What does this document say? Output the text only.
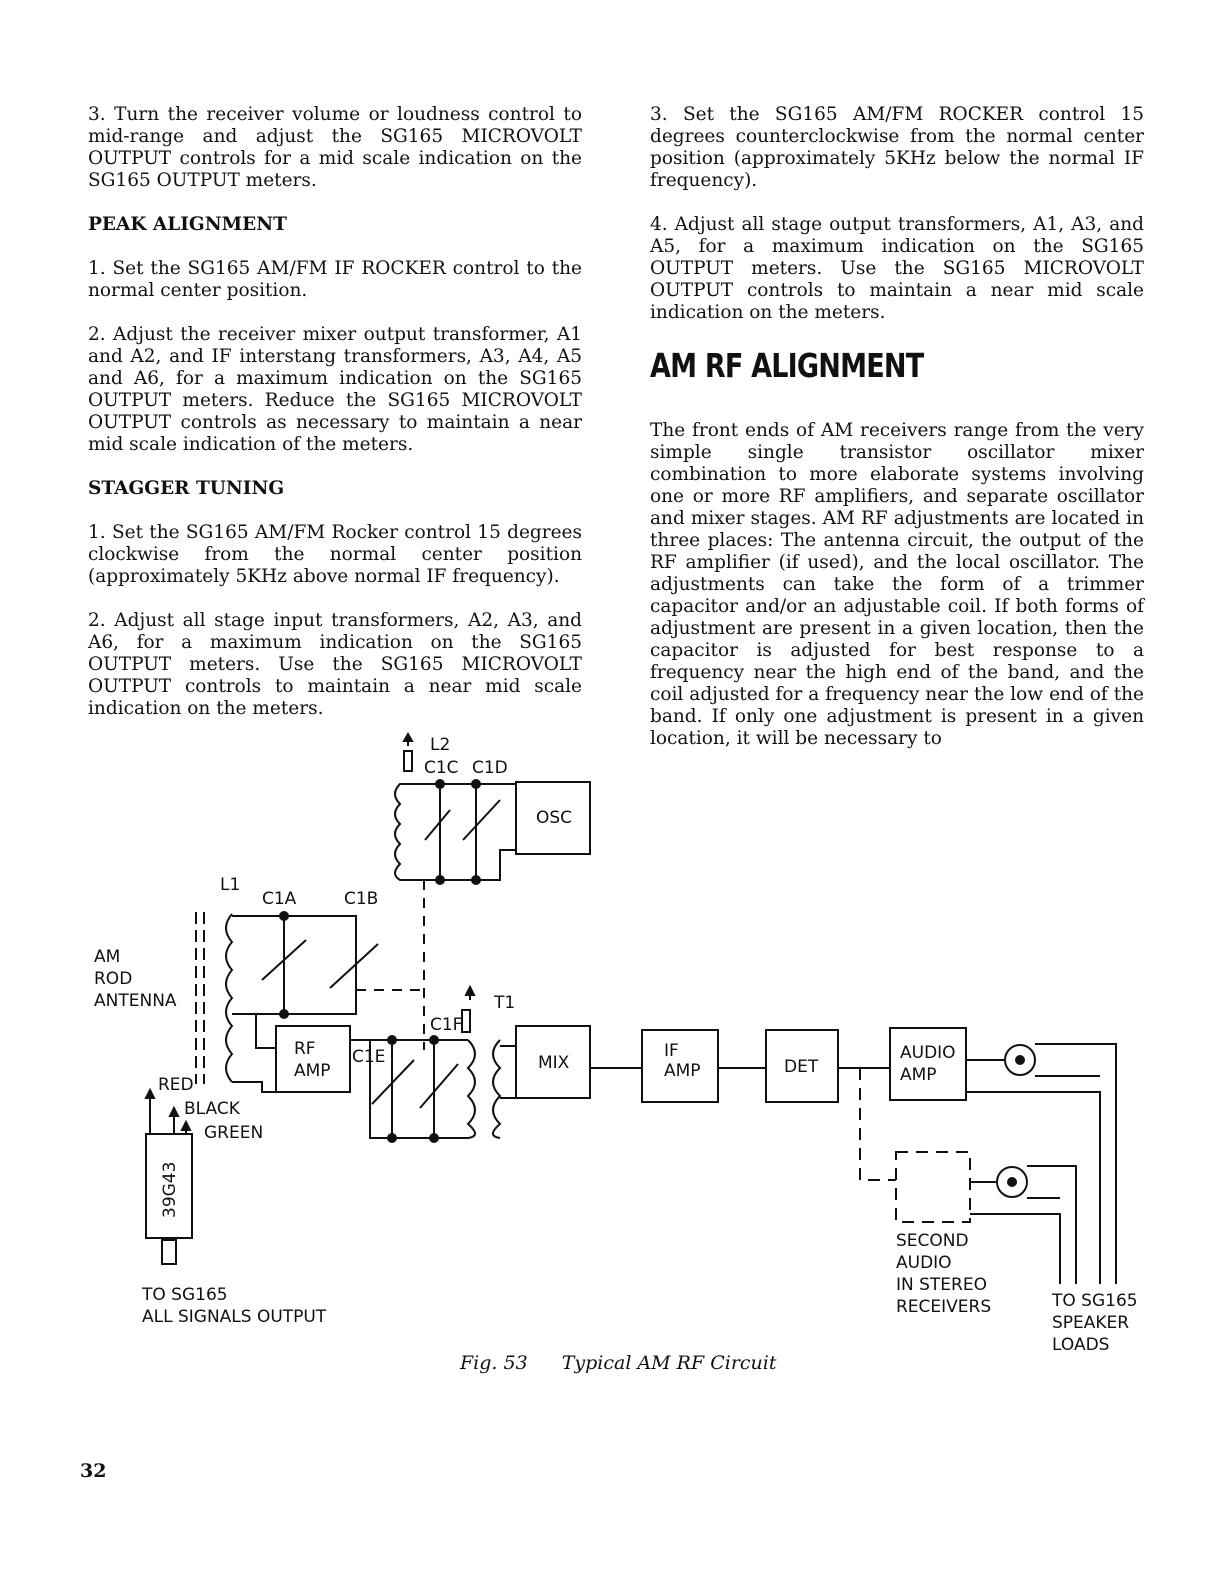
3. Turn the receiver volume or loudness control to mid-range and adjust the SG165 MICROVOLT OUTPUT controls for a mid scale indication on the SG165 OUTPUT meters.

PEAK ALIGNMENT

1. Set the SG165 AM/FM IF ROCKER control to the normal center position.

2. Adjust the receiver mixer output transformer, A1 and A2, and IF interstang transformers, A3, A4, A5 and A6, for a maximum indication on the SG165 OUTPUT meters. Reduce the SG165 MICROVOLT OUTPUT controls as necessary to maintain a near mid scale indication of the meters.

STAGGER TUNING

1. Set the SG165 AM/FM Rocker control 15 degrees clockwise from the normal center position (approximately 5KHz above normal IF frequency).

2. Adjust all stage input transformers, A2, A3, and A6, for a maximum indication on the SG165 OUTPUT meters. Use the SG165 MICROVOLT OUTPUT controls to maintain a near mid scale indication on the meters.

3. Set the SG165 AM/FM ROCKER control 15 degrees counterclockwise from the normal center position (approximately 5KHz below the normal IF frequency).

4. Adjust all stage output transformers, A1, A3, and A5, for a maximum indication on the SG165 OUTPUT meters. Use the SG165 MICROVOLT OUTPUT controls to maintain a near mid scale indication on the meters.

AM RF ALIGNMENT

The front ends of AM receivers range from the very simple single transistor oscillator mixer combination to more elaborate systems involving one or more RF amplifiers, and separate oscillator and mixer stages. AM RF adjustments are located in three places: The antenna circuit, the output of the RF amplifier (if used), and the local oscillator. The adjustments can take the form of a trimmer capacitor and/or an adjustable coil. If both forms of adjustment are present in a given location, then the capacitor is adjusted for best response to a frequency near the high end of the band, and the coil adjusted for a frequency near the low end of the band. If only one adjustment is present in a given location, it will be necessary to

L2
C1C C1D
OSC
L1
C1A	C1B
AM
ROD
ANTENNA	T1
C1F
C1E
RF
AMP	MIX
IF
AMP	DET
AUDIO
AMP
RED
BLACK
GREEN
39G43
TO SG165
ALL SIGNALS OUTPUT
SECOND
AUDIO
IN STEREO
RECEIVERS	TO SG165
SPEAKER
LOADS
Fig. 53 Typical AM RF Circuit
32
